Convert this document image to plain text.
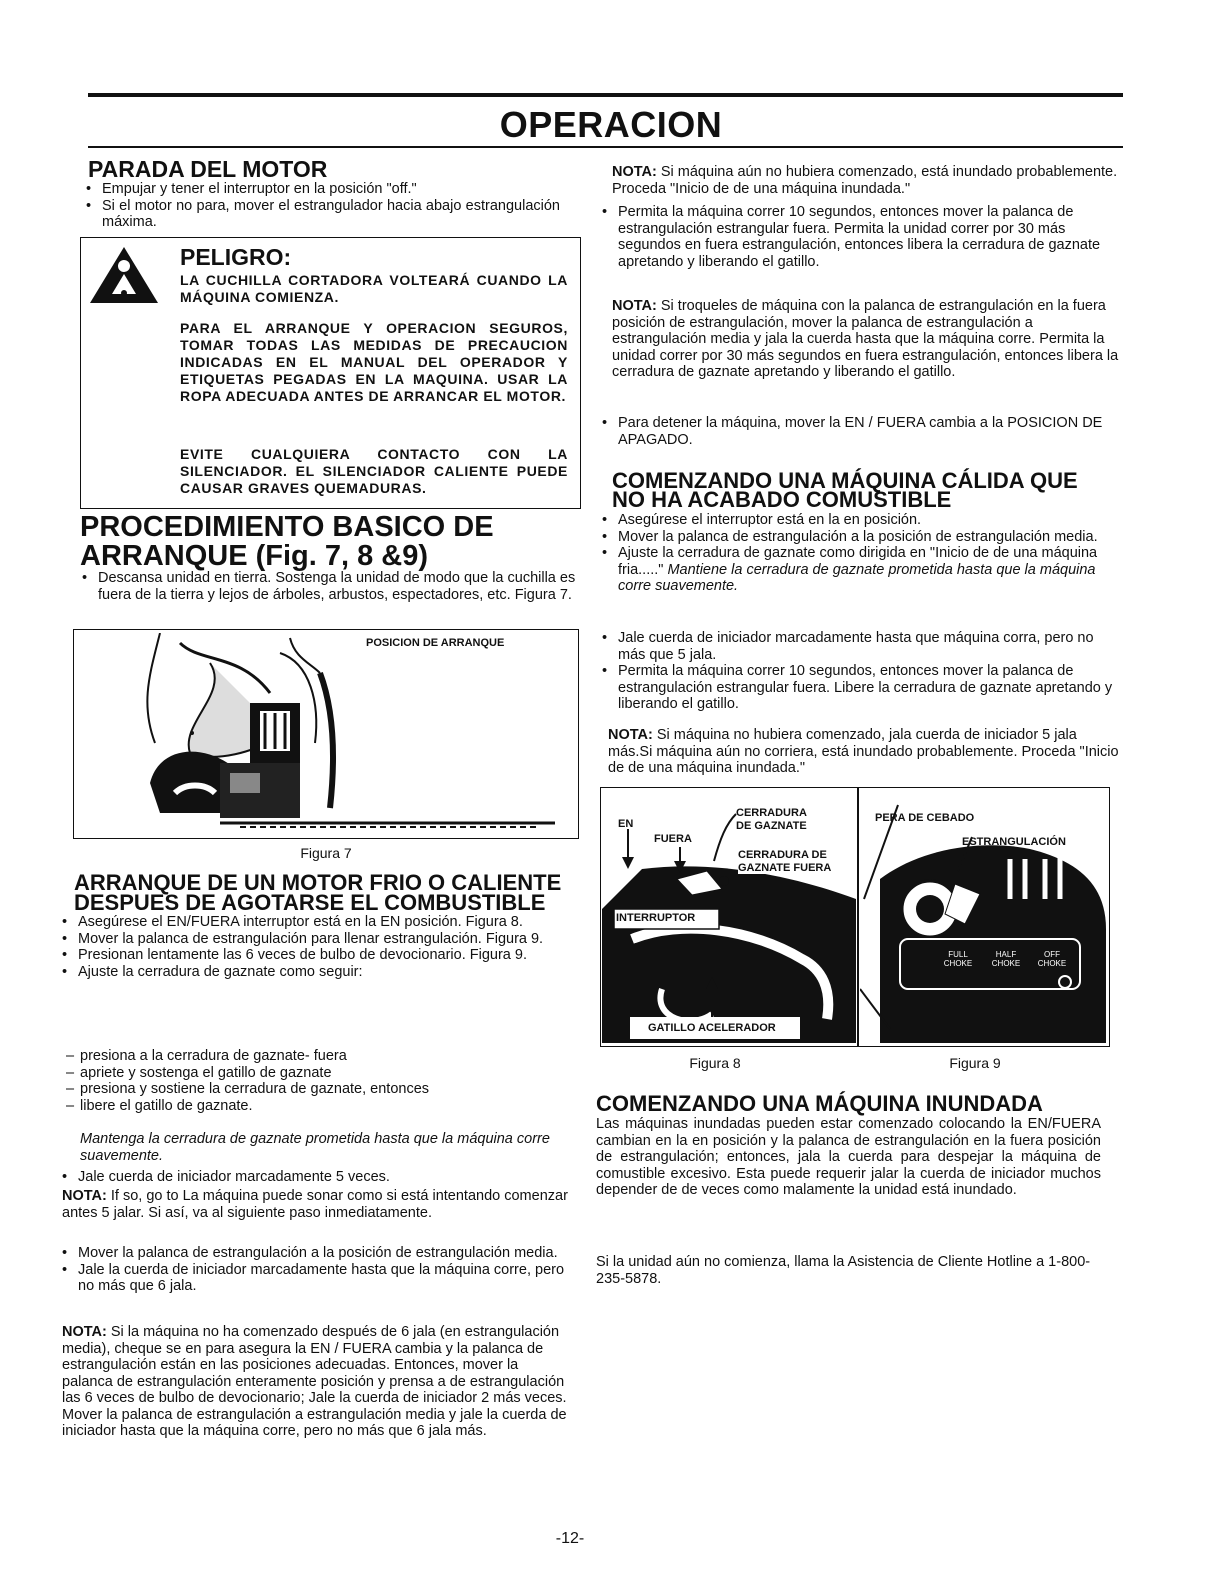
OPERACION
PARADA DEL MOTOR
• Empujar y tener el interruptor en la posición "off."
• Si el motor no para, mover el estrangulador hacia abajo estrangulación máxima.
PELIGRO:
LA CUCHILLA CORTADORA VOLTEARÁ CUANDO LA MÁQUINA COMIENZA.
PARA EL ARRANQUE Y OPERACION SEGUROS, TOMAR TODAS LAS MEDIDAS DE PRECAUCION INDICADAS EN EL MANUAL DEL OPERADOR Y ETIQUETAS PEGADAS EN LA MAQUINA. USAR LA ROPA ADECUADA ANTES DE ARRANCAR EL MOTOR.
EVITE CUALQUIERA CONTACTO CON LA SILENCIADOR. EL SILENCIADOR CALIENTE PUEDE CAUSAR GRAVES QUEMADURAS.
PROCEDIMIENTO BASICO DE
ARRANQUE (Fig. 7, 8 &9)
• Descansa unidad en tierra. Sostenga la unidad de modo que la cuchilla es fuera de la tierra y lejos de árboles, arbustos, espectadores, etc. Figura 7.
POSICION DE ARRANQUE
Figura 7
ARRANQUE DE UN MOTOR FRIO O CALIENTE
DESPUES DE AGOTARSE EL COMBUSTIBLE
• Asegúrese el EN/FUERA interruptor está en la EN posición. Figura 8.
• Mover la palanca de estrangulación para llenar estrangulación. Figura 9.
• Presionan lentamente las 6 veces de bulbo de devocionario. Figura 9.
• Ajuste la cerradura de gaznate como seguir:
– presiona a la cerradura de gaznate- fuera
– apriete y sostenga el gatillo de gaznate
– presiona y sostiene la cerradura de gaznate, entonces
– libere el gatillo de gaznate.

Mantenga la cerradura de gaznate prometida hasta que la máquina corre suavemente.

• Jale cuerda de iniciador marcadamente 5 veces.

NOTA: If so, go to La máquina puede sonar como si está intentando comenzar antes 5 jalar. Si así, va al siguiente paso inmediatamente.

• Mover la palanca de estrangulación a la posición de estrangulación media.
• Jale la cuerda de iniciador marcadamente hasta que la máquina corre, pero no más que 6 jala.

NOTA: Si la máquina no ha comenzado después de 6 jala (en estrangulación media), cheque se en para asegura la EN / FUERA cambia y la palanca de estrangulación están en las posiciones adecuadas. Entonces, mover la palanca de estrangulación enteramente posición y prensa a de estrangulación las 6 veces de bulbo de devocionario; Jale la cuerda de iniciador 2 más veces. Mover la palanca de estrangulación a estrangulación media y jale la cuerda de iniciador hasta que la máquina corre, pero no más que 6 jala más.

NOTA: Si máquina aún no hubiera comenzado, está inundado probablemente. Proceda "Inicio de de una máquina inundada."

• Permita la máquina correr 10 segundos, entonces mover la palanca de estrangulación estrangular fuera. Permita la unidad correr por 30 más segundos en fuera estrangulación, entonces libera la cerradura de gaznate apretando y liberando el gatillo.

NOTA: Si troqueles de máquina con la palanca de estrangulación en la fuera posición de estrangulación, mover la palanca de estrangulación a estrangulación media y jala la cuerda hasta que la máquina corre. Permita la unidad correr por 30 más segundos en fuera estrangulación, entonces libera la cerradura de gaznate apretando y liberando el gatillo.

• Para detener la máquina, mover la EN / FUERA cambia a la POSICION DE APAGADO.
COMENZANDO UNA MÁQUINA CÁLIDA QUE
NO HA ACABADO COMUSTIBLE
• Asegúrese el interruptor está en la en posición.
• Mover la palanca de estrangulación a la posición de estrangulación media.
• Ajuste la cerradura de gaznate como dirigida en "Inicio de de una máquina fria....." Mantiene la cerradura de gaznate prometida hasta que la máquina corre suavemente.
• Jale cuerda de iniciador marcadamente hasta que máquina corra, pero no más que 5 jala.
• Permita la máquina correr 10 segundos, entonces mover la palanca de estrangulación estrangular fuera. Libere la cerradura de gaznate apretando y liberando el gatillo.

NOTA: Si máquina no hubiera comenzado, jala cuerda de iniciador 5 jala más.Si máquina aún no corriera, está inundado probablemente. Proceda "Inicio de de una máquina inundada."

EN
FUERA
CERRADURA
DE GAZNATE
CERRADURA DE
GAZNATE FUERA
INTERRUPTOR
GATILLO ACELERADOR
PERA DE CEBADO
ESTRANGULACIÓN
FULL CHOKE
HALF CHOKE
OFF CHOKE
Figura 8	Figura 9
COMENZANDO UNA MÁQUINA INUNDADA

Las máquinas inundadas pueden estar comenzado colocando la EN/FUERA cambian en la en posición y la palanca de estrangulación en la fuera posición de estrangulación; entonces, jala la cuerda para despejar la máquina de comustible excesivo. Esta puede requerir jalar la cuerda de iniciador muchos depender de de veces como malamente la unidad está inundado.

Si la unidad aún no comienza, llama la Asistencia de Cliente Hotline a 1-800-235-5878.

-12-
